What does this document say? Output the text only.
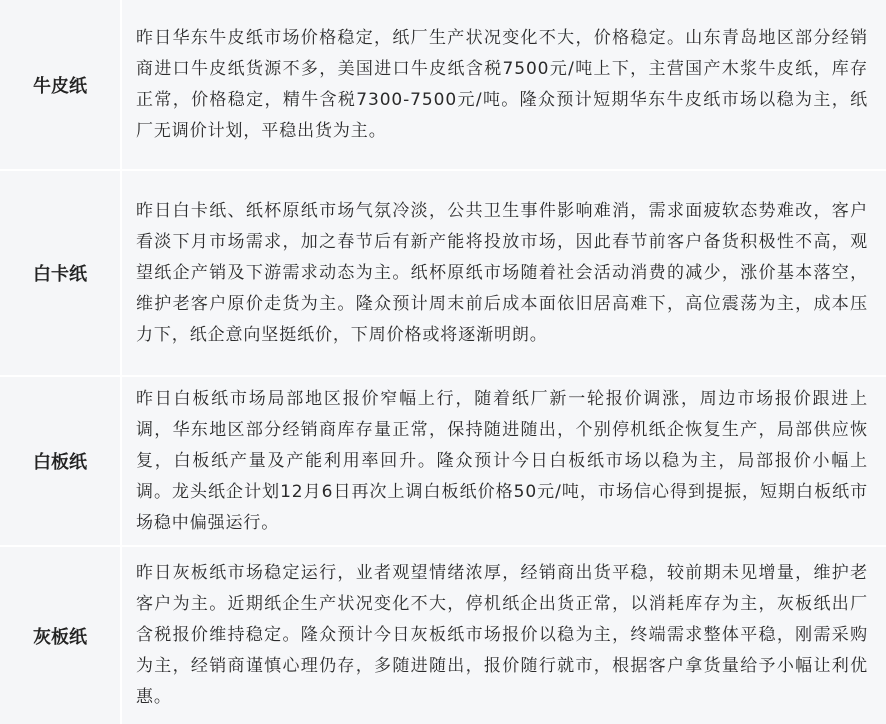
牛皮纸
昨日华东牛皮纸市场价格稳定，纸厂生产状况变化不大，价格稳定。山东青岛地区部分经销商进口牛皮纸货源不多，美国进口牛皮纸含税7500元/吨上下，主营国产木浆牛皮纸，库存正常，价格稳定，精牛含税7300-7500元/吨。隆众预计短期华东牛皮纸市场以稳为主，纸厂无调价计划，平稳出货为主。
白卡纸
昨日白卡纸、纸杯原纸市场气氛冷淡，公共卫生事件影响难消，需求面疲软态势难改，客户看淡下月市场需求，加之春节后有新产能将投放市场，因此春节前客户备货积极性不高，观望纸企产销及下游需求动态为主。纸杯原纸市场随着社会活动消费的减少，涨价基本落空，维护老客户原价走货为主。隆众预计周末前后成本面依旧居高难下，高位震荡为主，成本压力下，纸企意向坚挺纸价，下周价格或将逐渐明朗。
白板纸
昨日白板纸市场局部地区报价窄幅上行，随着纸厂新一轮报价调涨，周边市场报价跟进上调，华东地区部分经销商库存量正常，保持随进随出，个别停机纸企恢复生产，局部供应恢复，白板纸产量及产能利用率回升。隆众预计今日白板纸市场以稳为主，局部报价小幅上调。龙头纸企计划12月6日再次上调白板纸价格50元/吨，市场信心得到提振，短期白板纸市场稳中偏强运行。
灰板纸
昨日灰板纸市场稳定运行，业者观望情绪浓厚，经销商出货平稳，较前期未见增量，维护老客户为主。近期纸企生产状况变化不大，停机纸企出货正常，以消耗库存为主，灰板纸出厂含税报价维持稳定。隆众预计今日灰板纸市场报价以稳为主，终端需求整体平稳，刚需采购为主，经销商谨慎心理仍存，多随进随出，报价随行就市，根据客户拿货量给予小幅让利优惠。
